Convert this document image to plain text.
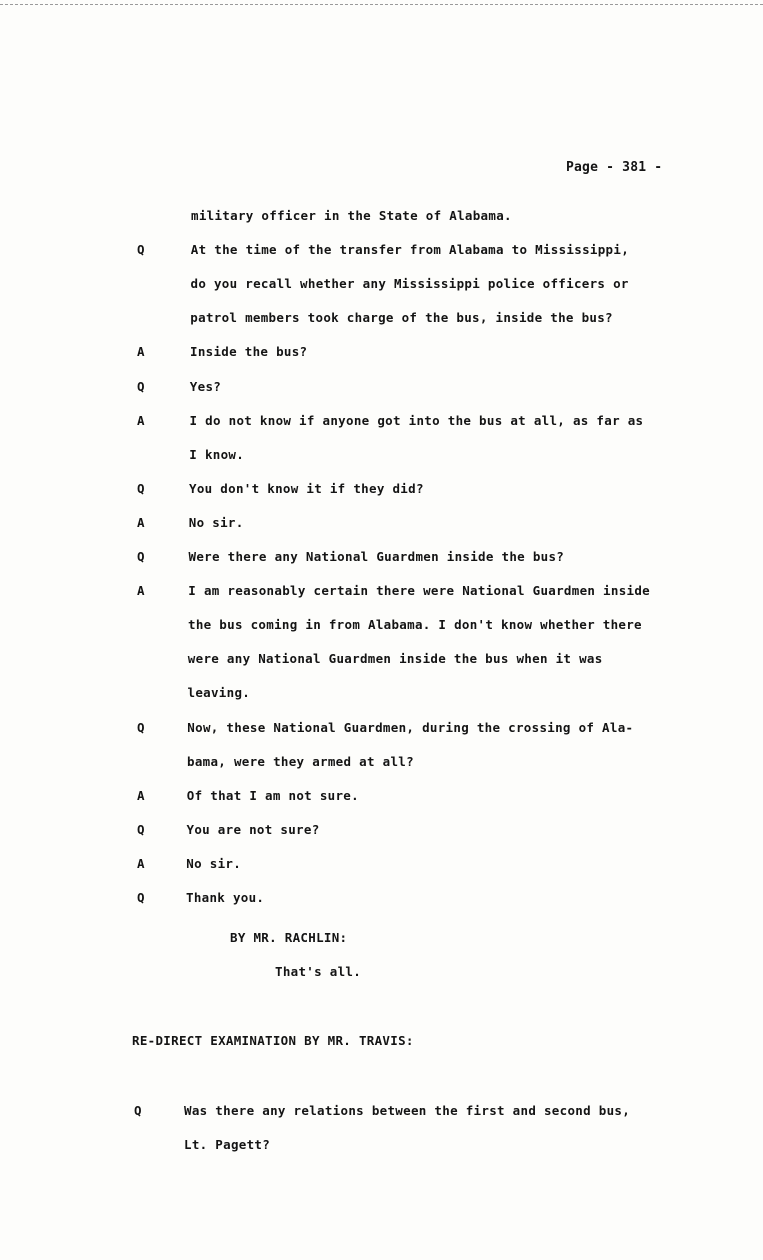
Page - 381 -
military officer in the State of Alabama.
Q	At the time of the transfer from Alabama to Mississippi,
do you recall whether any Mississippi police officers or
patrol members took charge of the bus, inside the bus?
A	Inside the bus?
Q	Yes?
A	I do not know if anyone got into the bus at all, as far as
I know.
Q	You don't know it if they did?
A	No sir.
Q	Were there any National Guardmen inside the bus?
A	I am reasonably certain there were National Guardmen inside
the bus coming in from Alabama. I don't know whether there
were any National Guardmen inside the bus when it was
leaving.
Q	Now, these National Guardmen, during the crossing of Ala-
bama, were they armed at all?
A	Of that I am not sure.
Q	You are not sure?
A	No sir.
Q	Thank you.
BY MR. RACHLIN:
That's all.
RE-DIRECT EXAMINATION BY MR. TRAVIS:
Q	Was there any relations between the first and second bus,
Lt. Pagett?
